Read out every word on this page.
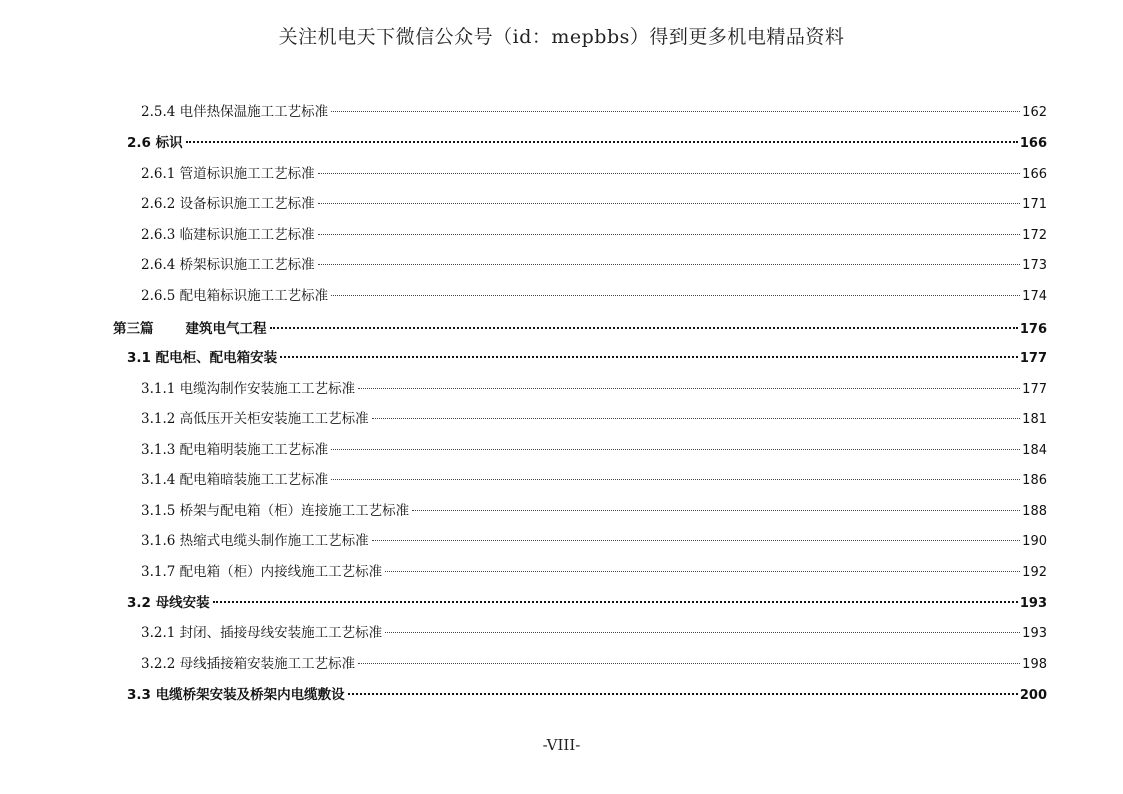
关注机电天下微信公众号（id：mepbbs）得到更多机电精品资料
2.5.4 电伴热保温施工工艺标准	162
2.6 标识	166
2.6.1 管道标识施工工艺标准	166
2.6.2 设备标识施工工艺标准	171
2.6.3 临建标识施工工艺标准	172
2.6.4 桥架标识施工工艺标准	173
2.6.5 配电箱标识施工工艺标准	174
第三篇 建筑电气工程	176
3.1 配电柜、配电箱安装	177
3.1.1 电缆沟制作安装施工工艺标准	177
3.1.2 高低压开关柜安装施工工艺标准	181
3.1.3 配电箱明装施工工艺标准	184
3.1.4 配电箱暗装施工工艺标准	186
3.1.5 桥架与配电箱（柜）连接施工工艺标准	188
3.1.6 热缩式电缆头制作施工工艺标准	190
3.1.7 配电箱（柜）内接线施工工艺标准	192
3.2 母线安装	193
3.2.1 封闭、插接母线安装施工工艺标准	193
3.2.2 母线插接箱安装施工工艺标准	198
3.3 电缆桥架安装及桥架内电缆敷设	200
-VIII-
